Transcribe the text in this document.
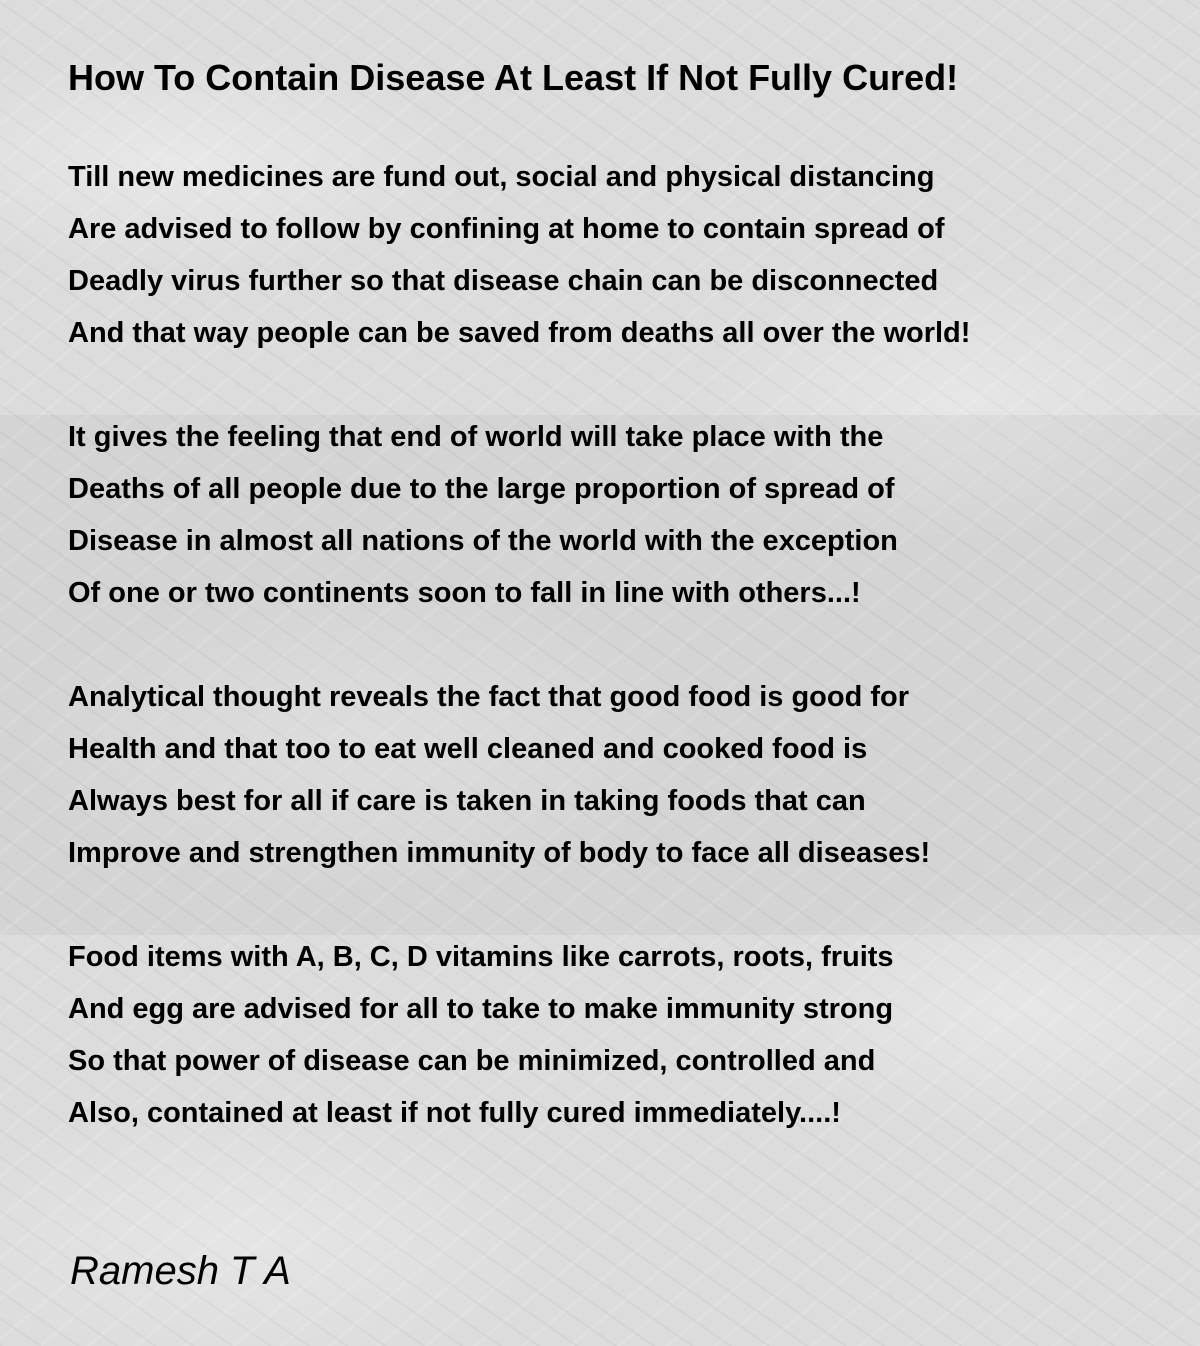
How To Contain Disease At Least If Not Fully Cured!
Till new medicines are fund out, social and physical distancing
Are advised to follow by confining at home to contain spread of
Deadly virus further so that disease chain can be disconnected
And that way people can be saved from deaths all over the world!
It gives the feeling that end of world will take place with the
Deaths of all people due to the large proportion of spread of
Disease in almost all nations of the world with the exception
Of one or two continents soon to fall in line with others...!
Analytical thought reveals the fact that good food is good for
Health and that too to eat well cleaned and cooked food is
Always best for all if care is taken in taking foods that can
Improve and strengthen immunity of body to face all diseases!
Food items with A, B, C, D vitamins like carrots, roots, fruits
And egg are advised for all to take to make immunity strong
So that power of disease can be minimized, controlled and
Also, contained at least if not fully cured immediately....!
Ramesh T A
